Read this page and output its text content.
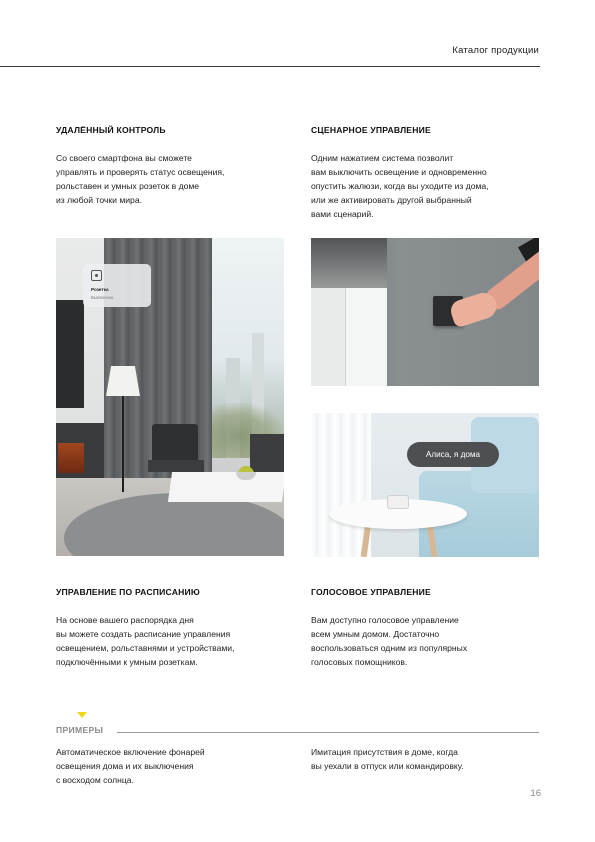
Каталог продукции
УДАЛЁННЫЙ КОНТРОЛЬ
Со своего смартфона вы сможете
управлять и проверять статус освещения,
рольставен и умных розеток в доме
из любой точки мира.
СЦЕНАРНОЕ УПРАВЛЕНИЕ
Одним нажатием система позволит
вам выключить освещение и одновременно
опустить жалюзи, когда вы уходите из дома,
или же активировать другой выбранный
вами сценарий.
Розетка
Выключено
Алиса, я дома
УПРАВЛЕНИЕ ПО РАСПИСАНИЮ
На основе вашего распорядка дня
вы можете создать расписание управления
освещением, рольставнями и устройствами,
подключёнными к умным розеткам.
ГОЛОСОВОЕ УПРАВЛЕНИЕ
Вам доступно голосовое управление
всем умным домом. Достаточно
воспользоваться одним из популярных
голосовых помощников.
ПРИМЕРЫ
Автоматическое включение фонарей
освещения дома и их выключения
с восходом солнца.
Имитация присутствия в доме, когда
вы уехали в отпуск или командировку.
16
